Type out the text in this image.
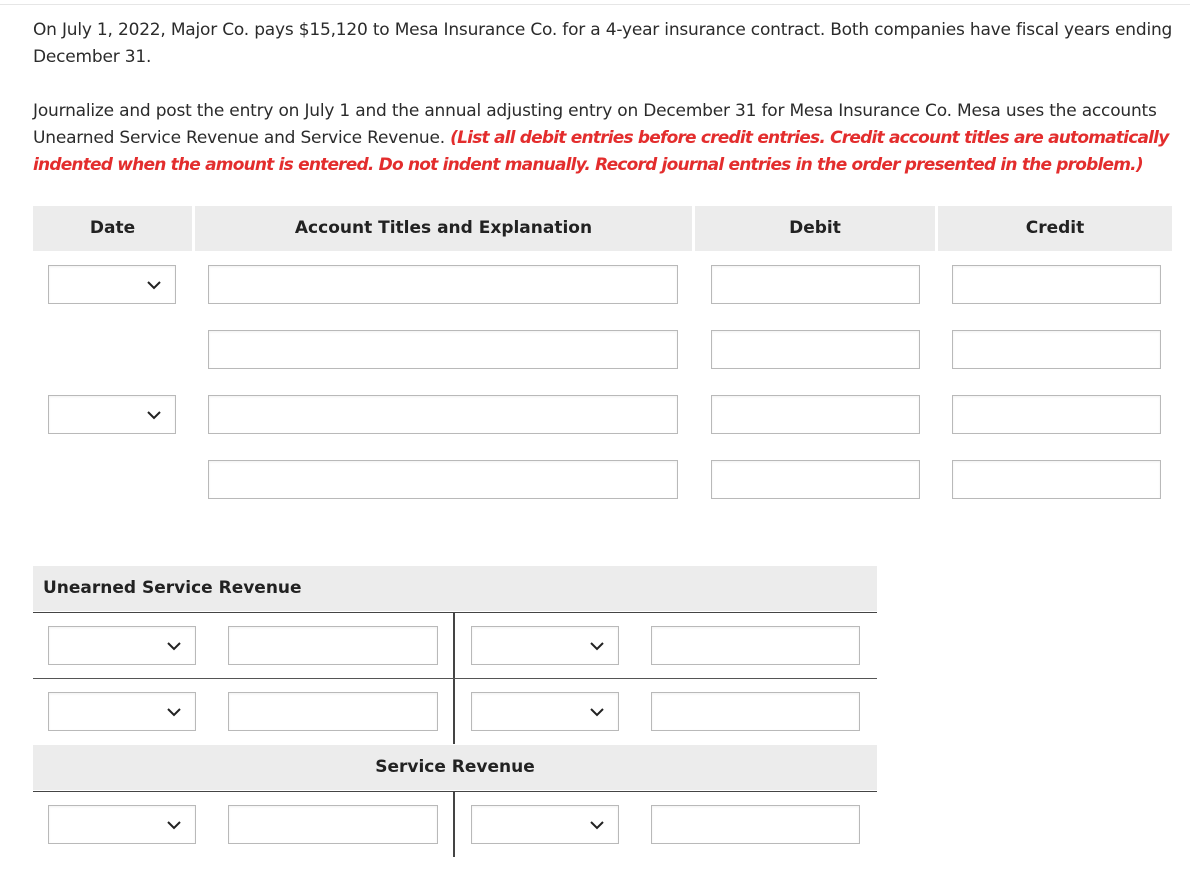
On July 1, 2022, Major Co. pays $15,120 to Mesa Insurance Co. for a 4-year insurance contract. Both companies have fiscal years ending December 31.
Journalize and post the entry on July 1 and the annual adjusting entry on December 31 for Mesa Insurance Co. Mesa uses the accounts Unearned Service Revenue and Service Revenue. (List all debit entries before credit entries. Credit account titles are automatically indented when the amount is entered. Do not indent manually. Record journal entries in the order presented in the problem.)
Date	Account Titles and Explanation	Debit	Credit
Unearned Service Revenue
Service Revenue
